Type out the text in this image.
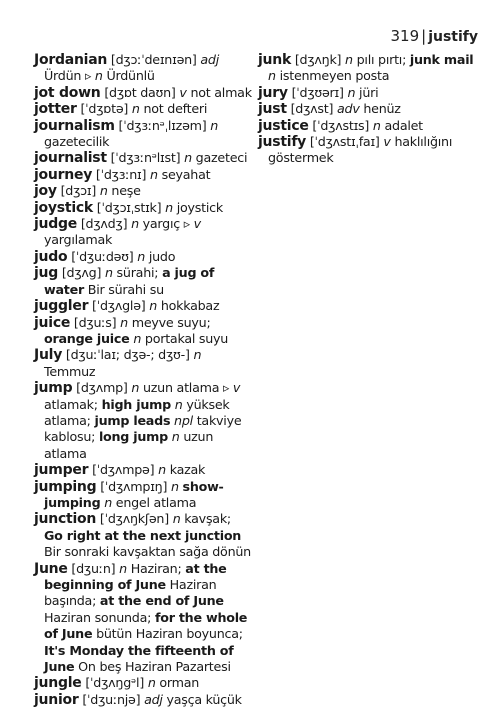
319 | justify
Jordanian [dʒɔːˈdeɪnɪən] adj Ürdün ▹ n Ürdünlü
jot down [dʒɒt daʊn] v not almak
jotter [ˈdʒɒtə] n not defteri
journalism [ˈdʒɜːnᵊˌlɪzəm] n gazetecilik
journalist [ˈdʒɜːnᵊlɪst] n gazeteci
journey [ˈdʒɜːnɪ] n seyahat
joy [dʒɔɪ] n neşe
joystick [ˈdʒɔɪˌstɪk] n joystick
judge [dʒʌdʒ] n yargıç ▹ v yargılamak
judo [ˈdʒuːdəʊ] n judo
jug [dʒʌg] n sürahi; a jug of water Bir sürahi su
juggler [ˈdʒʌglə] n hokkabaz
juice [dʒuːs] n meyve suyu; orange juice n portakal suyu
July [dʒuːˈlaɪ; dʒə-; dʒʊ-] n Temmuz
jump [dʒʌmp] n uzun atlama ▹ v atlamak; high jump n yüksek atlama; jump leads npl takviye kablosu; long jump n uzun atlama
jumper [ˈdʒʌmpə] n kazak
jumping [ˈdʒʌmpɪŋ] n show-jumping n engel atlama
junction [ˈdʒʌŋkʃən] n kavşak; Go right at the next junction Bir sonraki kavşaktan sağa dönün
June [dʒuːn] n Haziran; at the beginning of June Haziran başında; at the end of June Haziran sonunda; for the whole of June bütün Haziran boyunca; It's Monday the fifteenth of June On beş Haziran Pazartesi
jungle [ˈdʒʌŋgᵊl] n orman
junior [ˈdʒuːnjə] adj yaşça küçük
junk [dʒʌŋk] n pılı pırtı; junk mail n istenmeyen posta
jury [ˈdʒʊərɪ] n jüri
just [dʒʌst] adv henüz
justice [ˈdʒʌstɪs] n adalet
justify [ˈdʒʌstɪˌfaɪ] v haklılığını göstermek
